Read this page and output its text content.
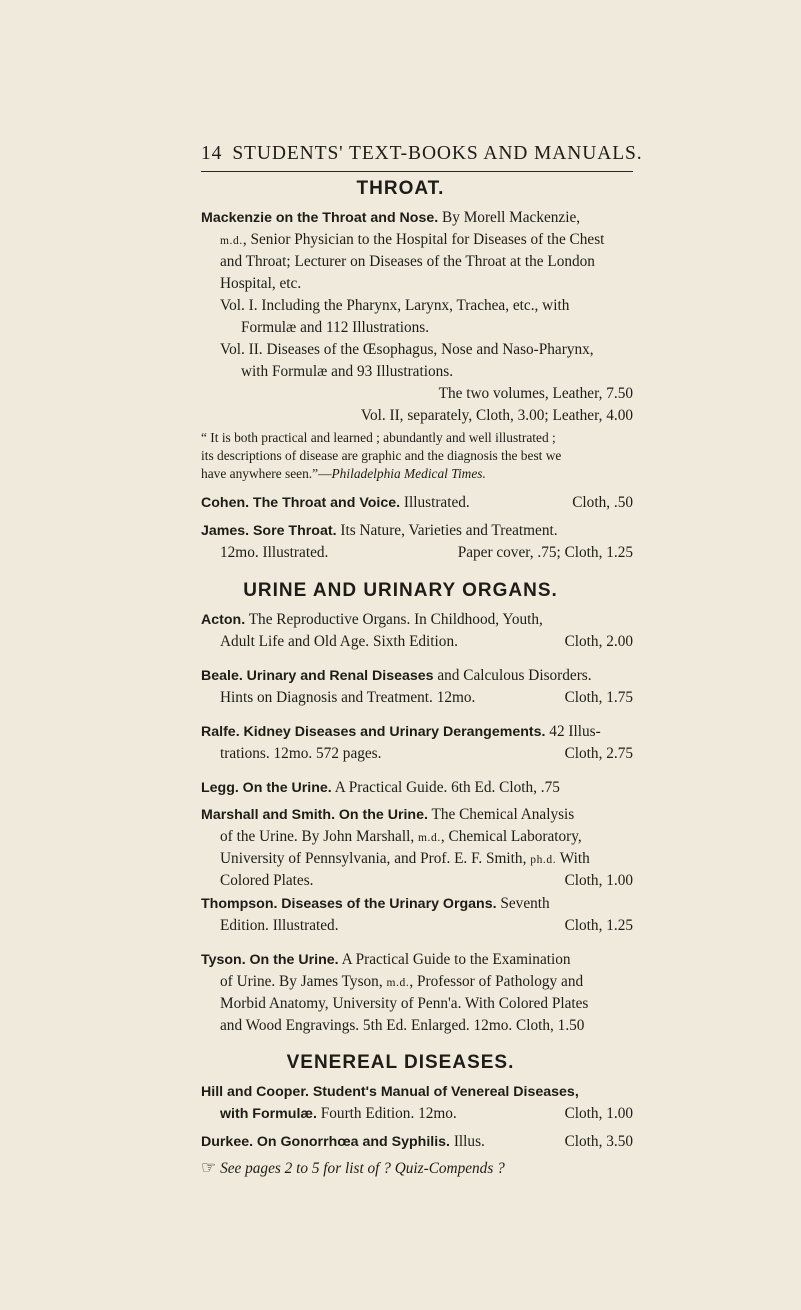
14 STUDENTS' TEXT-BOOKS AND MANUALS.
THROAT.
Mackenzie on the Throat and Nose. By Morell Mackenzie,
m.d., Senior Physician to the Hospital for Diseases of the Chest
and Throat; Lecturer on Diseases of the Throat at the London
Hospital, etc.
Vol. I. Including the Pharynx, Larynx, Trachea, etc., with
Formulæ and 112 Illustrations.
Vol. II. Diseases of the Œsophagus, Nose and Naso-Pharynx,
with Formulæ and 93 Illustrations.
The two volumes, Leather, 7.50
Vol. II, separately, Cloth, 3.00; Leather, 4.00
“ It is both practical and learned ; abundantly and well illustrated ;
its descriptions of disease are graphic and the diagnosis the best we
have anywhere seen.”—Philadelphia Medical Times.
Cohen. The Throat and Voice. Illustrated.	Cloth, .50
James. Sore Throat. Its Nature, Varieties and Treatment.
12mo. Illustrated.	Paper cover, .75; Cloth, 1.25
URINE AND URINARY ORGANS.
Acton. The Reproductive Organs. In Childhood, Youth,
Adult Life and Old Age. Sixth Edition.	Cloth, 2.00
Beale. Urinary and Renal Diseases and Calculous Disorders.
Hints on Diagnosis and Treatment. 12mo.	Cloth, 1.75
Ralfe. Kidney Diseases and Urinary Derangements. 42 Illus-
trations. 12mo. 572 pages.	Cloth, 2.75
Legg. On the Urine. A Practical Guide. 6th Ed. Cloth, .75
Marshall and Smith. On the Urine. The Chemical Analysis
of the Urine. By John Marshall, m.d., Chemical Laboratory,
University of Pennsylvania, and Prof. E. F. Smith, ph.d. With
Colored Plates.	Cloth, 1.00
Thompson. Diseases of the Urinary Organs. Seventh
Edition. Illustrated.	Cloth, 1.25
Tyson. On the Urine. A Practical Guide to the Examination
of Urine. By James Tyson, m.d., Professor of Pathology and
Morbid Anatomy, University of Penn'a. With Colored Plates
and Wood Engravings. 5th Ed. Enlarged. 12mo. Cloth, 1.50
VENEREAL DISEASES.
Hill and Cooper. Student's Manual of Venereal Diseases,
with Formulæ. Fourth Edition. 12mo.	Cloth, 1.00
Durkee. On Gonorrhœa and Syphilis. Illus.	Cloth, 3.50
☞ See pages 2 to 5 for list of ? Quiz-Compends ?
